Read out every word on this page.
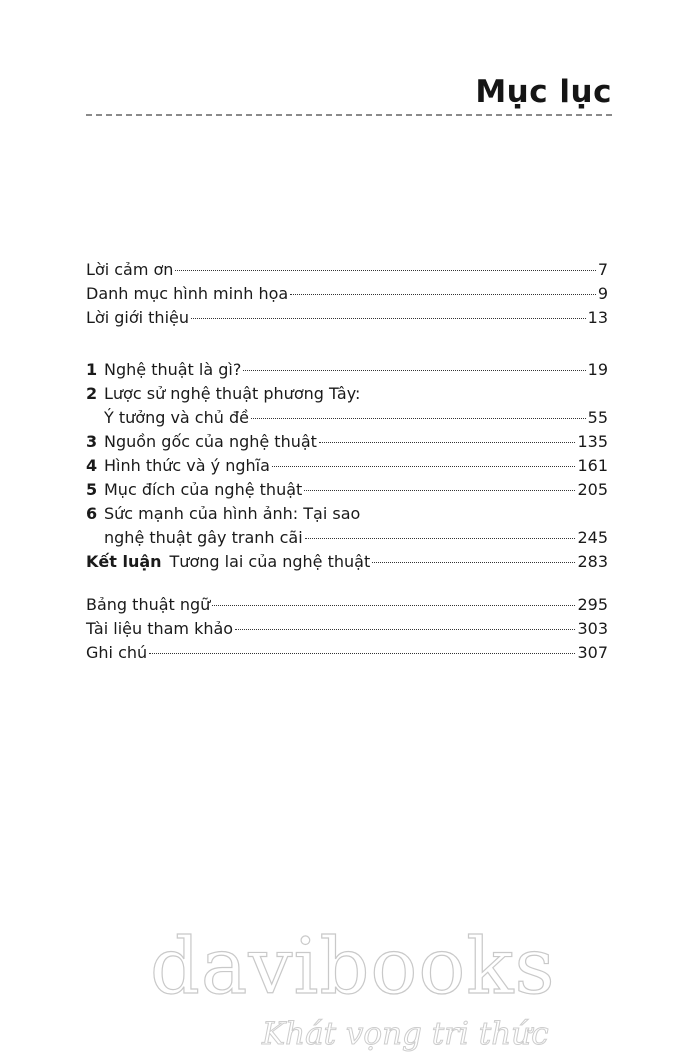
Mục lục
Lời cảm ơn	7
Danh mục hình minh họa	9
Lời giới thiệu	13
1 Nghệ thuật là gì?	19
2 Lược sử nghệ thuật phương Tây:
Ý tưởng và chủ đề	55
3 Nguồn gốc của nghệ thuật	135
4 Hình thức và ý nghĩa	161
5 Mục đích của nghệ thuật	205
6 Sức mạnh của hình ảnh: Tại sao
nghệ thuật gây tranh cãi	245
Kết luận Tương lai của nghệ thuật	283
Bảng thuật ngữ	295
Tài liệu tham khảo	303
Ghi chú	307
davibooks
Khát vọng tri thức
